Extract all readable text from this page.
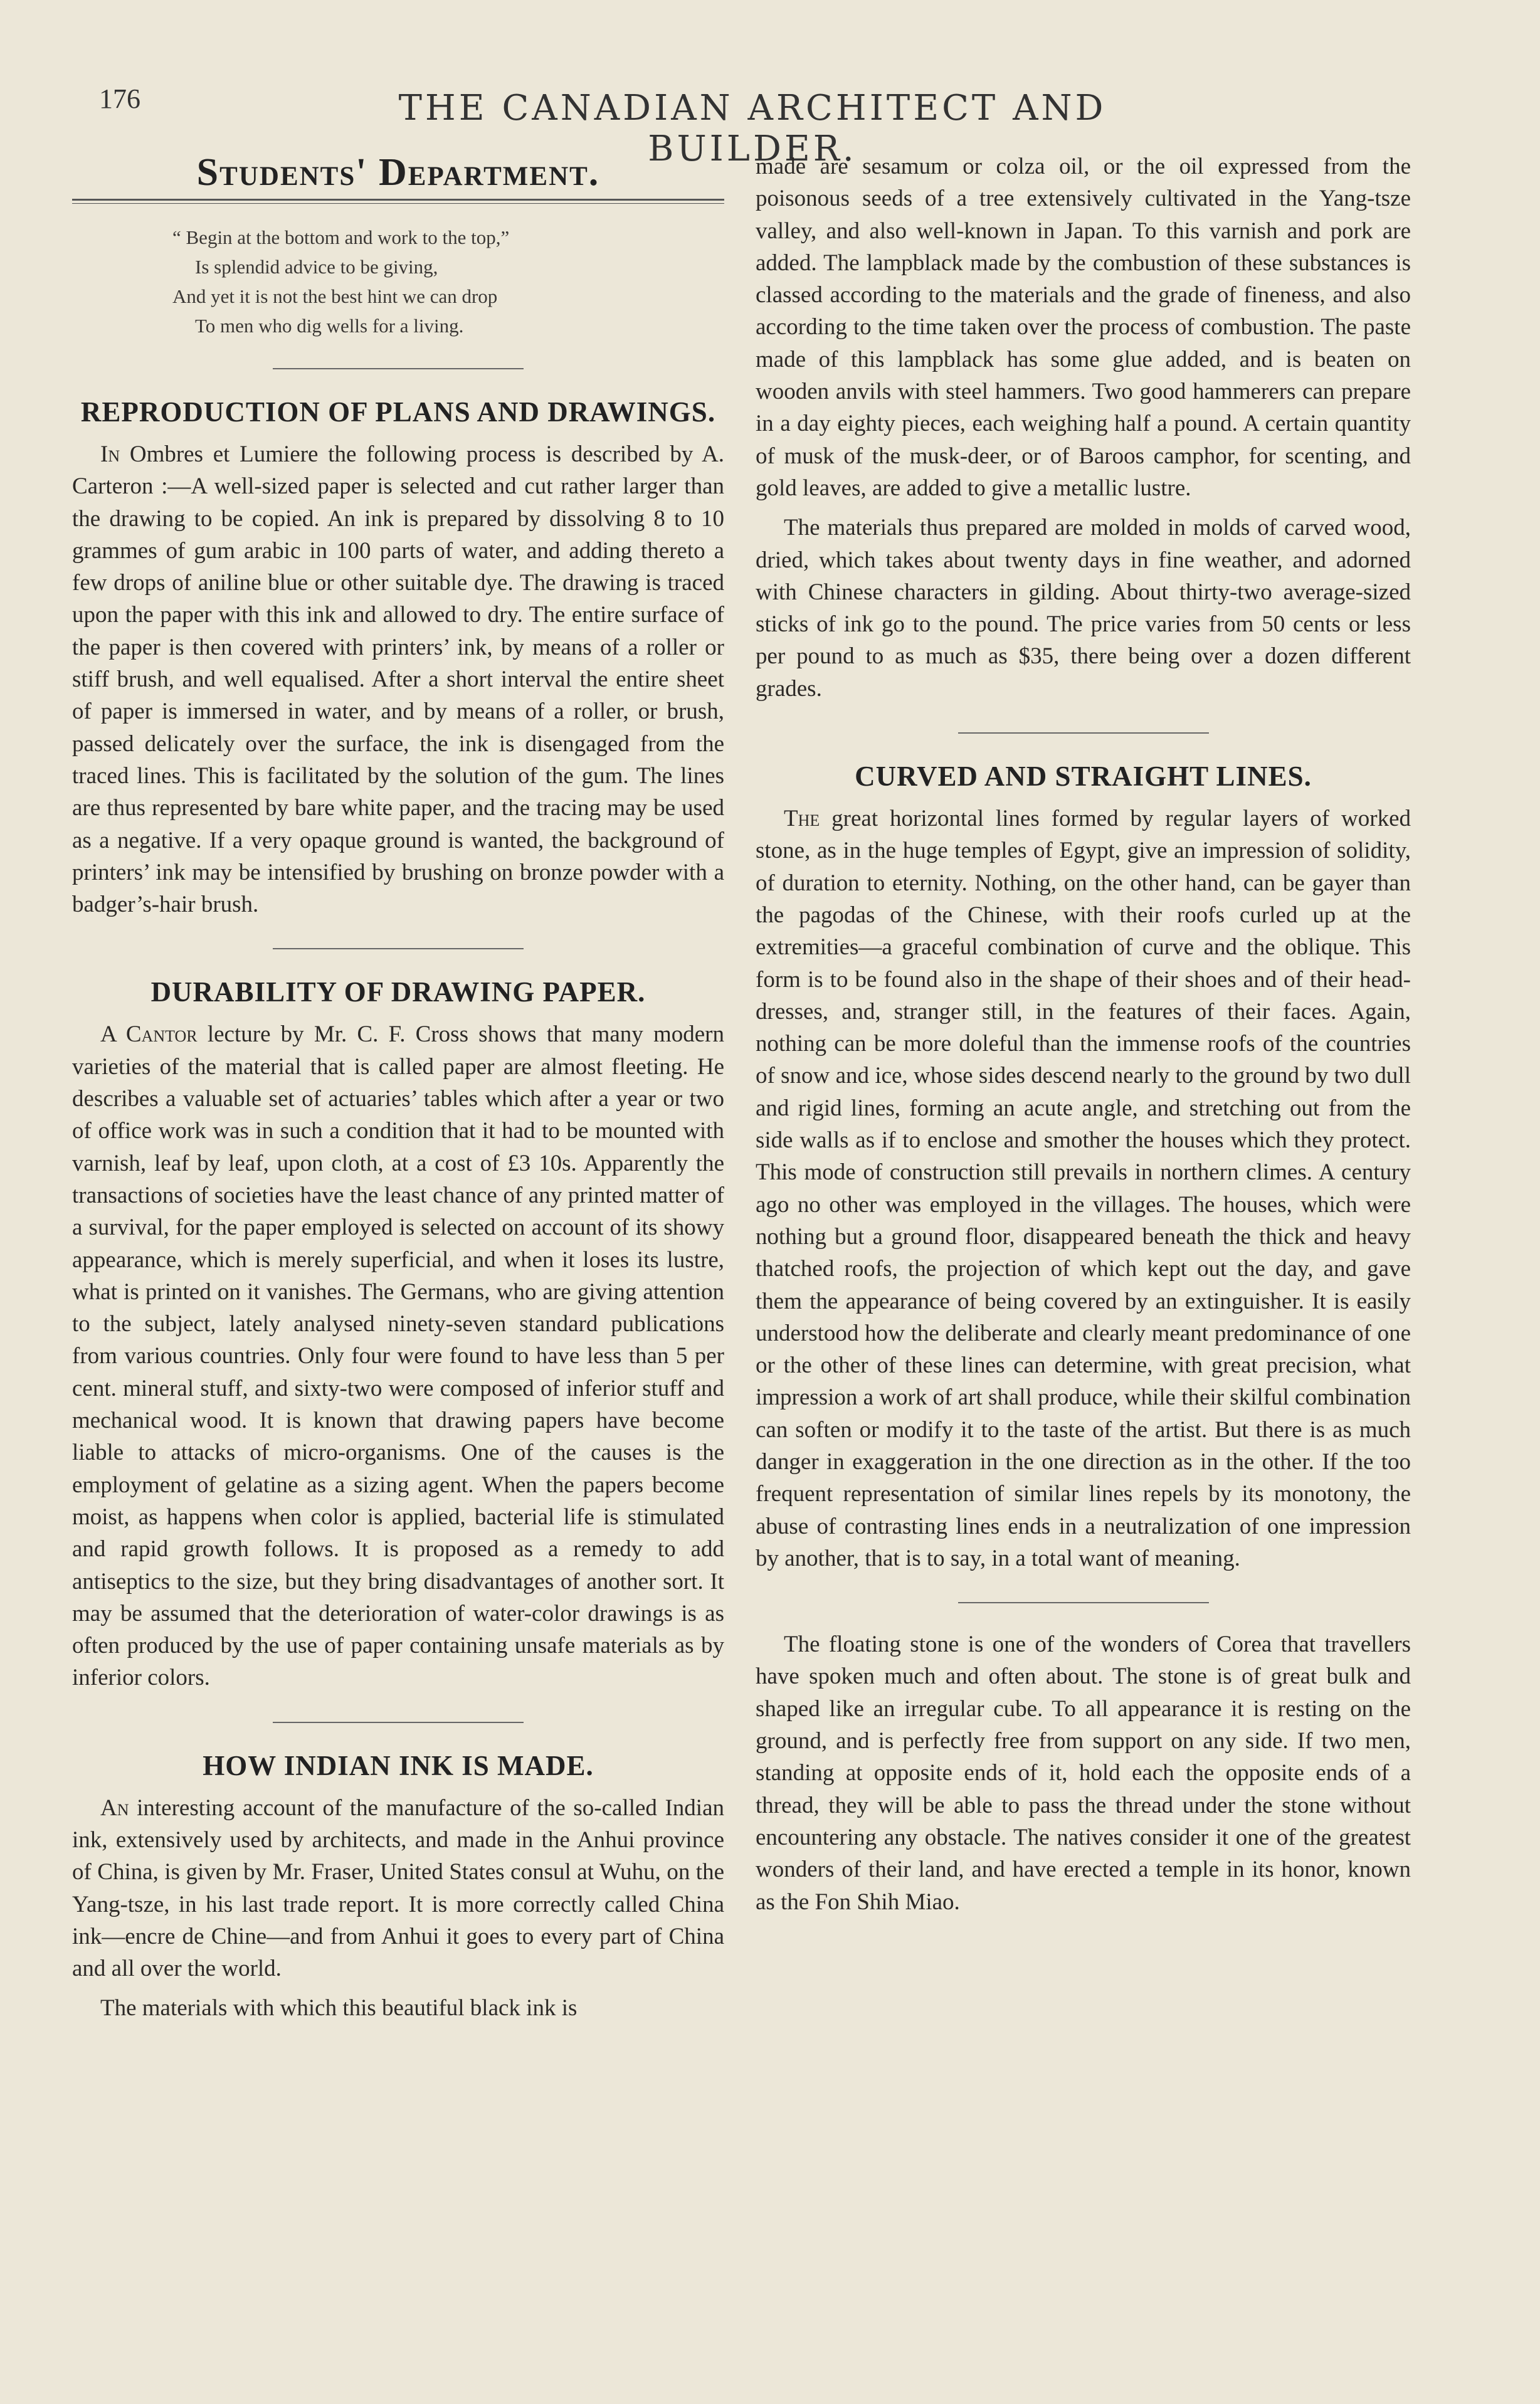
176	THE CANADIAN ARCHITECT AND BUILDER.
Students' Department.
“ Begin at the bottom and work to the top,”
Is splendid advice to be giving,
And yet it is not the best hint we can drop
To men who dig wells for a living.
REPRODUCTION OF PLANS AND DRAWINGS.

In Ombres et Lumiere the following process is described by A. Carteron :—A well-sized paper is selected and cut rather larger than the drawing to be copied. An ink is prepared by dissolving 8 to 10 grammes of gum arabic in 100 parts of water, and adding thereto a few drops of aniline blue or other suitable dye. The drawing is traced upon the paper with this ink and allowed to dry. The entire surface of the paper is then covered with printers’ ink, by means of a roller or stiff brush, and well equalised. After a short interval the entire sheet of paper is immersed in water, and by means of a roller, or brush, passed delicately over the surface, the ink is disengaged from the traced lines. This is facilitated by the solution of the gum. The lines are thus represented by bare white paper, and the tracing may be used as a negative. If a very opaque ground is wanted, the background of printers’ ink may be intensified by brushing on bronze powder with a badger’s-hair brush.

DURABILITY OF DRAWING PAPER.

A Cantor lecture by Mr. C. F. Cross shows that many modern varieties of the material that is called paper are almost fleeting. He describes a valuable set of actuaries’ tables which after a year or two of office work was in such a condition that it had to be mounted with varnish, leaf by leaf, upon cloth, at a cost of £3 10s. Apparently the transactions of societies have the least chance of any printed matter of a survival, for the paper employed is selected on account of its showy appearance, which is merely superficial, and when it loses its lustre, what is printed on it vanishes. The Germans, who are giving attention to the subject, lately analysed ninety-seven standard publications from various countries. Only four were found to have less than 5 per cent. mineral stuff, and sixty-two were composed of inferior stuff and mechanical wood. It is known that drawing papers have become liable to attacks of micro-organisms. One of the causes is the employment of gelatine as a sizing agent. When the papers become moist, as happens when color is applied, bacterial life is stimulated and rapid growth follows. It is proposed as a remedy to add antiseptics to the size, but they bring disadvantages of another sort. It may be assumed that the deterioration of water-color drawings is as often produced by the use of paper containing unsafe materials as by inferior colors.

HOW INDIAN INK IS MADE.

An interesting account of the manufacture of the so-called Indian ink, extensively used by architects, and made in the Anhui province of China, is given by Mr. Fraser, United States consul at Wuhu, on the Yang-tsze, in his last trade report. It is more correctly called China ink—encre de Chine—and from Anhui it goes to every part of China and all over the world.

The materials with which this beautiful black ink is

made are sesamum or colza oil, or the oil expressed from the poisonous seeds of a tree extensively cultivated in the Yang-tsze valley, and also well-known in Japan. To this varnish and pork are added. The lampblack made by the combustion of these substances is classed according to the materials and the grade of fineness, and also according to the time taken over the process of combustion. The paste made of this lampblack has some glue added, and is beaten on wooden anvils with steel hammers. Two good hammerers can prepare in a day eighty pieces, each weighing half a pound. A certain quantity of musk of the musk-deer, or of Baroos camphor, for scenting, and gold leaves, are added to give a metallic lustre.

The materials thus prepared are molded in molds of carved wood, dried, which takes about twenty days in fine weather, and adorned with Chinese characters in gilding. About thirty-two average-sized sticks of ink go to the pound. The price varies from 50 cents or less per pound to as much as $35, there being over a dozen different grades.

CURVED AND STRAIGHT LINES.

The great horizontal lines formed by regular layers of worked stone, as in the huge temples of Egypt, give an impression of solidity, of duration to eternity. Nothing, on the other hand, can be gayer than the pagodas of the Chinese, with their roofs curled up at the extremities—a graceful combination of curve and the oblique. This form is to be found also in the shape of their shoes and of their head-dresses, and, stranger still, in the features of their faces. Again, nothing can be more doleful than the immense roofs of the countries of snow and ice, whose sides descend nearly to the ground by two dull and rigid lines, forming an acute angle, and stretching out from the side walls as if to enclose and smother the houses which they protect. This mode of construction still prevails in northern climes. A century ago no other was employed in the villages. The houses, which were nothing but a ground floor, disappeared beneath the thick and heavy thatched roofs, the projection of which kept out the day, and gave them the appearance of being covered by an extinguisher. It is easily understood how the deliberate and clearly meant predominance of one or the other of these lines can determine, with great precision, what impression a work of art shall produce, while their skilful combination can soften or modify it to the taste of the artist. But there is as much danger in exaggeration in the one direction as in the other. If the too frequent representation of similar lines repels by its monotony, the abuse of contrasting lines ends in a neutralization of one impression by another, that is to say, in a total want of meaning.

The floating stone is one of the wonders of Corea that travellers have spoken much and often about. The stone is of great bulk and shaped like an irregular cube. To all appearance it is resting on the ground, and is perfectly free from support on any side. If two men, standing at opposite ends of it, hold each the opposite ends of a thread, they will be able to pass the thread under the stone without encountering any obstacle. The natives consider it one of the greatest wonders of their land, and have erected a temple in its honor, known as the Fon Shih Miao.
